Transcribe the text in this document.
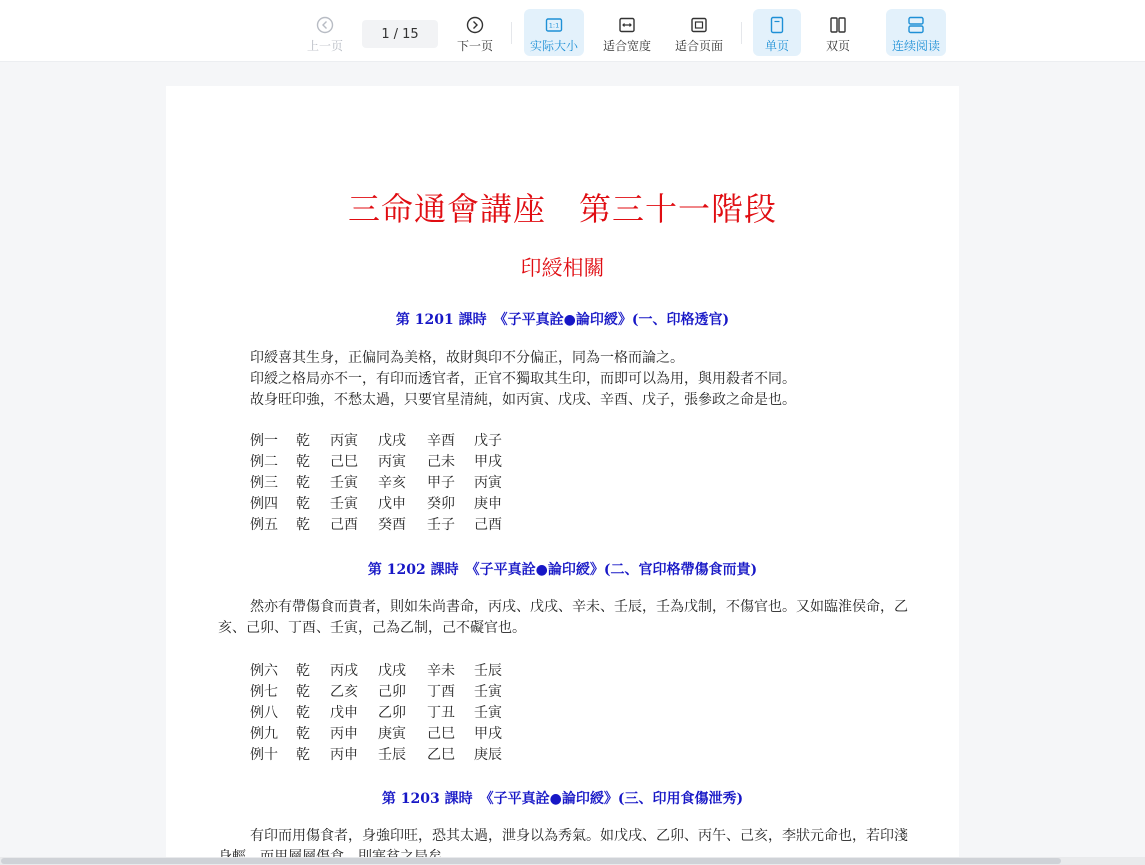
上一页
1 / 15
下一页
1:1
实际大小 适合宽度 适合页面	单页	双页	连续阅读
三命通會講座　第三十一階段
印綬相關
第 1201 課時　《子平真詮●論印綬》(一、印格透官)
印綬喜其生身，正偏同為美格，故財與印不分偏正，同為一格而論之。
印綬之格局亦不一，有印而透官者，正官不獨取其生印，而即可以為用，與用殺者不同。
故身旺印強，不愁太過，只要官星清純，如丙寅、戊戌、辛酉、戊子，張參政之命是也。
例一	乾	丙寅	戊戌	辛酉	戊子
例二	乾	己巳	丙寅	己未	甲戌
例三	乾	壬寅	辛亥	甲子	丙寅
例四	乾	壬寅	戊申	癸卯	庚申
例五	乾	己酉	癸酉	壬子	己酉
第 1202 課時　《子平真詮●論印綬》(二、官印格帶傷食而貴)
然亦有帶傷食而貴者，則如朱尚書命，丙戌、戊戌、辛未、壬辰，壬為戊制，不傷官也。又如臨淮侯命，乙亥、己卯、丁酉、壬寅，己為乙制，己不礙官也。
例六	乾	丙戌	戊戌	辛未	壬辰
例七	乾	乙亥	己卯	丁酉	壬寅
例八	乾	戊申	乙卯	丁丑	壬寅
例九	乾	丙申	庚寅	己巳	甲戌
例十	乾	丙申	壬辰	乙巳	庚辰
第 1203 課時　《子平真詮●論印綬》(三、印用食傷泄秀)
有印而用傷食者，身強印旺，恐其太過，泄身以為秀氣。如戊戌、乙卯、丙午、己亥，李狀元命也，若印淺
